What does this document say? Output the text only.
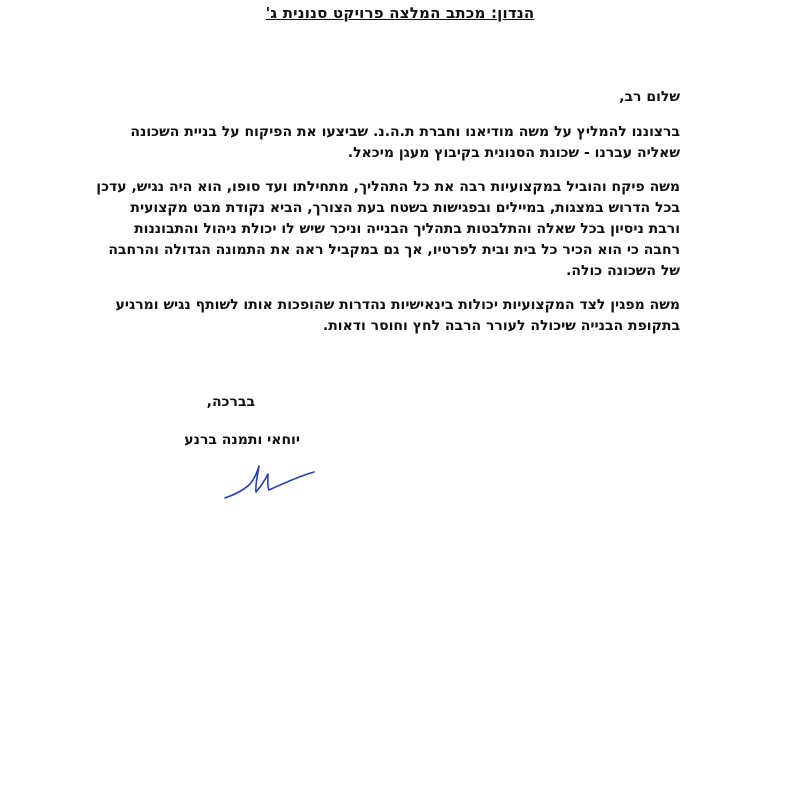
הנדון: מכתב המלצה פרויקט סנונית ג'
שלום רב,
ברצוננו להמליץ על משה מודיאנו וחברת ת.ה.נ. שביצעו את הפיקוח על בניית השכונה
שאליה עברנו - שכונת הסנונית בקיבוץ מעגן מיכאל.
משה פיקח והוביל במקצועיות רבה את כל התהליך, מתחילתו ועד סופו, הוא היה נגיש, עדכן
בכל הדרוש במצגות, במיילים ובפגישות בשטח בעת הצורך, הביא נקודת מבט מקצועית
ורבת ניסיון בכל שאלה והתלבטות בתהליך הבנייה וניכר שיש לו יכולת ניהול והתבוננות
רחבה כי הוא הכיר כל בית ובית לפרטיו, אך גם במקביל ראה את התמונה הגדולה והרחבה
של השכונה כולה.
משה מפגין לצד המקצועיות יכולות בינאישיות נהדרות שהופכות אותו לשותף נגיש ומרגיע
בתקופת הבנייה שיכולה לעורר הרבה לחץ וחוסר ודאות.
בברכה,
יוחאי ותמנה ברנע
